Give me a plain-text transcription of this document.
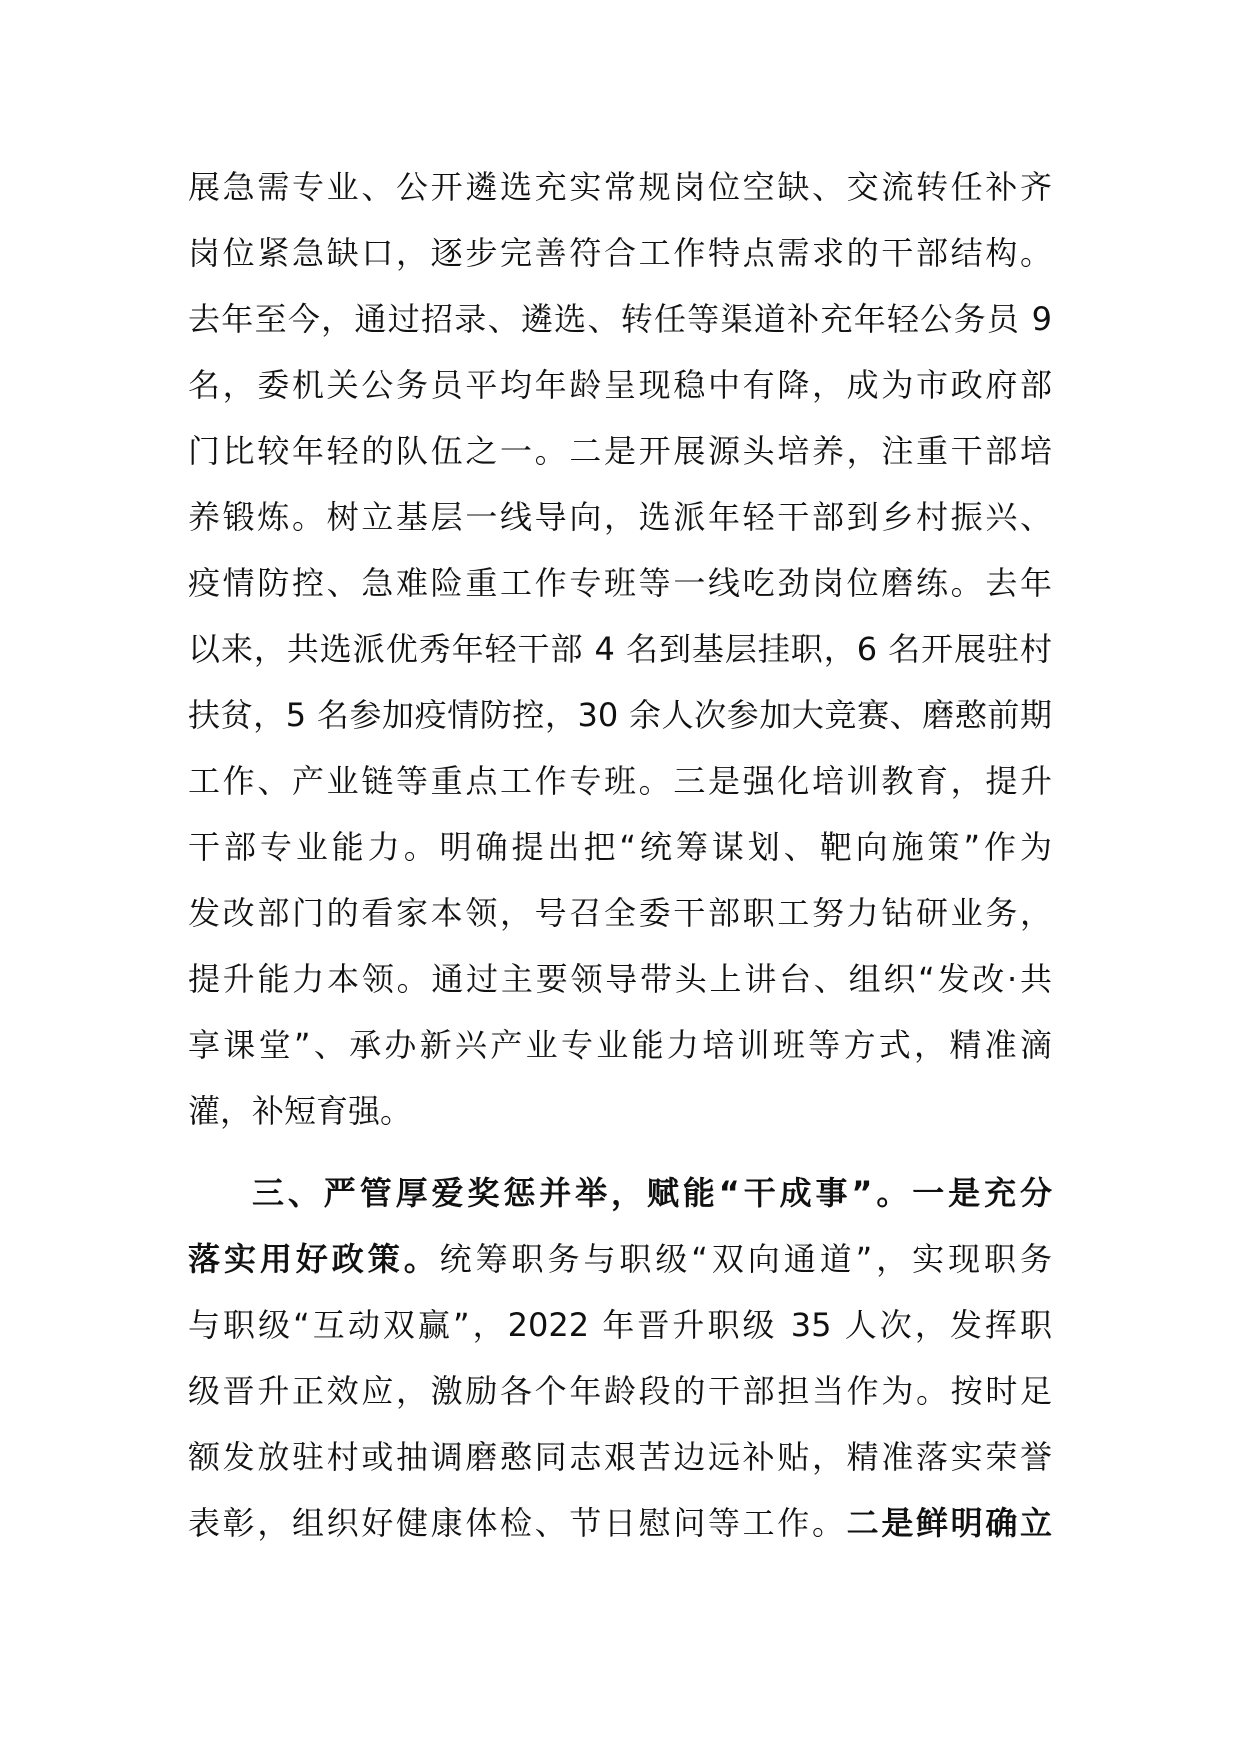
展急需专业、公开遴选充实常规岗位空缺、交流转任补齐
岗位紧急缺口，逐步完善符合工作特点需求的干部结构。
去年至今，通过招录、遴选、转任等渠道补充年轻公务员 9
名，委机关公务员平均年龄呈现稳中有降，成为市政府部
门比较年轻的队伍之一。二是开展源头培养，注重干部培
养锻炼。树立基层一线导向，选派年轻干部到乡村振兴、
疫情防控、急难险重工作专班等一线吃劲岗位磨练。去年
以来，共选派优秀年轻干部 4 名到基层挂职，6 名开展驻村
扶贫，5 名参加疫情防控，30 余人次参加大竞赛、磨憨前期
工作、产业链等重点工作专班。三是强化培训教育，提升
干部专业能力。明确提出把“统筹谋划、靶向施策”作为
发改部门的看家本领，号召全委干部职工努力钻研业务，
提升能力本领。通过主要领导带头上讲台、组织“发改·共
享课堂”、承办新兴产业专业能力培训班等方式，精准滴
灌，补短育强。
三、严管厚爱奖惩并举，赋能“干成事”。一是充分
落实用好政策。统筹职务与职级“双向通道”，实现职务
与职级“互动双赢”，2022 年晋升职级 35 人次，发挥职
级晋升正效应，激励各个年龄段的干部担当作为。按时足
额发放驻村或抽调磨憨同志艰苦边远补贴，精准落实荣誉
表彰，组织好健康体检、节日慰问等工作。二是鲜明确立
